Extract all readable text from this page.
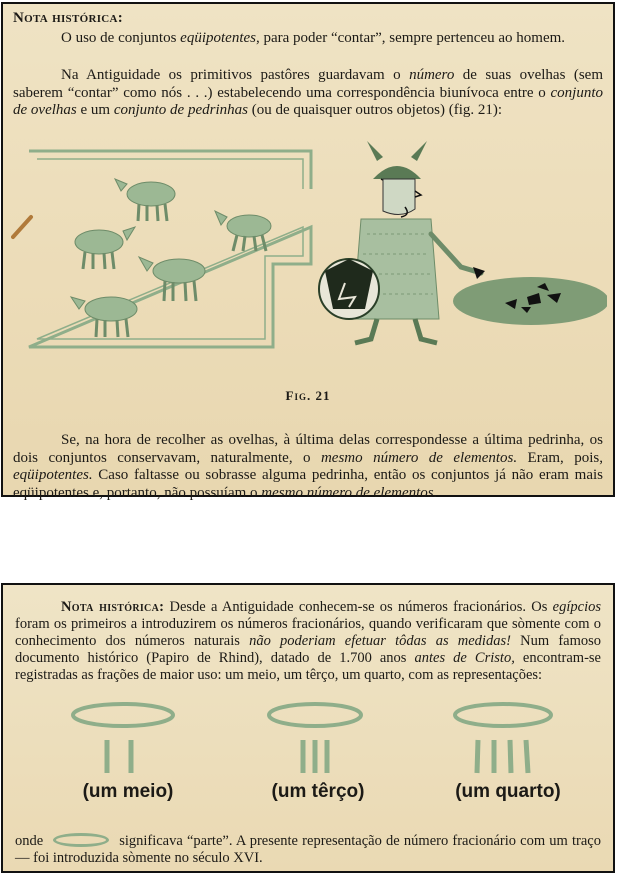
Nota histórica:
O uso de conjuntos eqüipotentes, para poder “contar”, sempre pertenceu ao homem.
Na Antiguidade os primitivos pastôres guardavam o número de suas ovelhas (sem saberem “contar” como nós . . .) estabelecendo uma correspondência biunívoca entre o conjunto de ovelhas e um conjunto de pedrinhas (ou de quaisquer outros objetos) (fig. 21):
Fig. 21
Se, na hora de recolher as ovelhas, à última delas correspondesse a última pedrinha, os dois conjuntos conservavam, naturalmente, o mesmo número de elementos. Eram, pois, eqüipotentes. Caso faltasse ou sobrasse alguma pedrinha, então os conjuntos já não eram mais eqüipotentes e, portanto, não possuíam o mesmo número de elementos.
Nota histórica: Desde a Antiguidade conhecem-se os números fracionários. Os egípcios foram os primeiros a introduzirem os números fracionários, quando verificaram que sòmente com o conhecimento dos números naturais não poderiam efetuar tôdas as medidas! Num famoso documento histórico (Papiro de Rhind), datado de 1.700 anos antes de Cristo, encontram-se registradas as frações de maior uso: um meio, um têrço, um quarto, com as representações:
(um meio)	(um têrço)	(um quarto)
onde	significava “parte”. A presente representação de número fracionário com um traço — foi introduzida sòmente no século XVI.
